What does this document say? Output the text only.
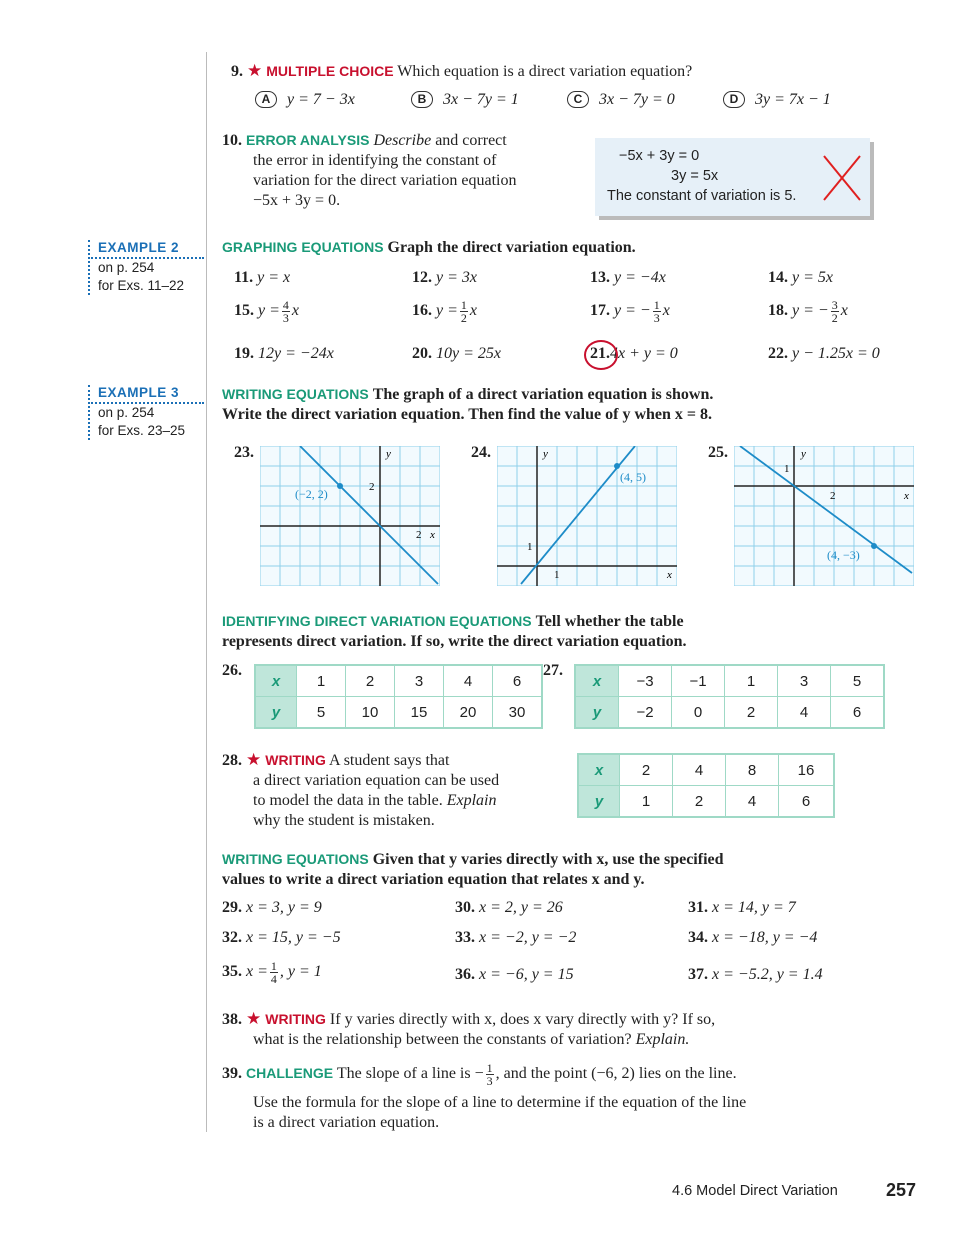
9. ★ MULTIPLE CHOICE Which equation is a direct variation equation?
A y = 7 − 3x	B 3x − 7y = 1	C 3x − 7y = 0	D 3y = 7x − 1
10. ERROR ANALYSIS Describe and correct
the error in identifying the constant of
variation for the direct variation equation
−5x + 3y = 0.
−5x + 3y = 0
3y = 5x
The constant of variation is 5.
EXAMPLE 2
on p. 254
for Exs. 11–22
EXAMPLE 3
on p. 254
for Exs. 23–25
GRAPHING EQUATIONS Graph the direct variation equation.
11. y = x	12. y = 3x	13. y = −4x	14. y = 5x
15. $y = \frac{4}{3}$ x	16. $y = \frac{1}{2}$ x	17. y = − $\frac{1}{3}$ x	18. y = − $\frac{3}{2}$ x
19. 12y = −24x	20. 10y = 25x	21.4x + y = 0	22. y − 1.25x = 0
WRITING EQUATIONS The graph of a direct variation equation is shown.
Write the direct variation equation. Then find the value of y when x = 8.
23.	24.	25.
(−2, 2)
y
2
2 x
(4, 5)
y
1
1	x
(4, −3)
y
1
2	x
IDENTIFYING DIRECT VARIATION EQUATIONS Tell whether the table
represents direct variation. If so, write the direct variation equation.
26.
x	1	2	3	4	6
y	5	10	15	20	30
27.
x	−3	−1	1	3	5
y	−2	0	2	4	6
28. ★ WRITING A student says that
a direct variation equation can be used
to model the data in the table. Explain
why the student is mistaken.
x	2	4	8	16
y	1	2	4	6
WRITING EQUATIONS Given that y varies directly with x, use the specified
values to write a direct variation equation that relates x and y.
29. x = 3, y = 9	30. x = 2, y = 26	31. x = 14, y = 7
32. x = 15, y = −5	33. x = −2, y = −2	34. x = −18, y = −4
35. $x = \frac{1}{4}$ , y = 1	36. x = −6, y = 15	37. x = −5.2, y = 1.4
38. ★ WRITING If y varies directly with x, does x vary directly with y? If so,
what is the relationship between the constants of variation? Explain.
39. CHALLENGE The slope of a line is − $\frac{1}{3}$ , and the point (−6, 2) lies on the line.
Use the formula for the slope of a line to determine if the equation of the line
is a direct variation equation.
4.6 Model Direct Variation	257
